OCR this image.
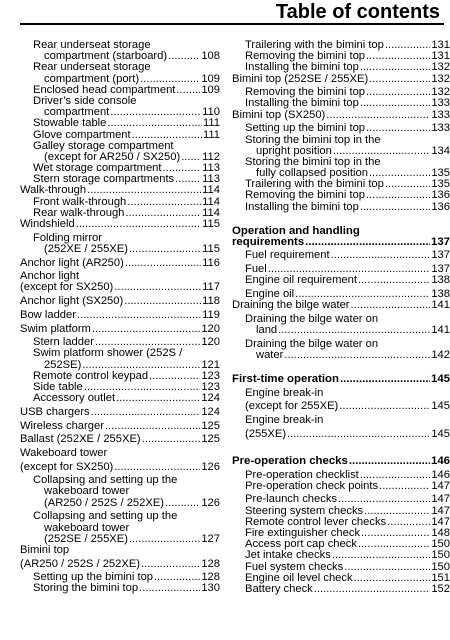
Table of contents
Rear underseat storage
compartment (starboard) .....	108
Rear underseat storage
compartment (port) .....	109
Enclosed head compartment ..... 109
Driver’s side console
compartment .....	110
Stowable table .....	111
Glove compartment .....	111
Galley storage compartment
(except for AR250 / SX250) ..... 112
Wet storage compartment .....	113
Stern storage compartments .....	113
Walk-through .....	114
Front walk-through .....	114
Rear walk-through .....	114
Windshield .....	115
Folding mirror
(252XE / 255XE) .....	115
Anchor light (AR250) .....	116
Anchor light
(except for SX250) .....	117
Anchor light (SX250) .....	118
Bow ladder .....	119
Swim platform .....	120
Stern ladder .....	120
Swim platform shower (252S /
252SE) .....	121
Remote control keypad .....	123
Side table .....	123
Accessory outlet .....	124
USB chargers .....	124
Wireless charger .....	125
Ballast (252XE / 255XE) .....	125
Wakeboard tower
(except for SX250) .....	126
Collapsing and setting up the
wakeboard tower
(AR250 / 252S / 252XE) .....	126
Collapsing and setting up the
wakeboard tower
(252SE / 255XE) .....	127
Bimini top
(AR250 / 252S / 252XE) .....	128
Setting up the bimini top .....	128
Storing the bimini top .....	130
Trailering with the bimini top .....	131
Removing the bimini top .....	131
Installing the bimini top .....	132
Bimini top (252SE / 255XE) .....	132
Removing the bimini top .....	132
Installing the bimini top .....	133
Bimini top (SX250) .....	133
Setting up the bimini top .....	133
Storing the bimini top in the
upright position .....	134
Storing the bimini top in the
fully collapsed position .....	135
Trailering with the bimini top .....	135
Removing the bimini top .....	136
Installing the bimini top .....	136
Operation and handling
requirements .....	137
Fuel requirement .....	137
Fuel .....	137
Engine oil requirement .....	138
Engine oil .....	138
Draining the bilge water .....	141
Draining the bilge water on
land .....	141
Draining the bilge water on
water .....	142
First-time operation .....	145
Engine break-in
(except for 255XE) .....	145
Engine break-in
(255XE) .....	145
Pre-operation checks .....	146
Pre-operation checklist .....	146
Pre-operation check points .....	147
Pre-launch checks .....	147
Steering system checks .....	147
Remote control lever checks .....	147
Fire extinguisher check .....	148
Access port cap check .....	150
Jet intake checks .....	150
Fuel system checks .....	150
Engine oil level check .....	151
Battery check .....	152
